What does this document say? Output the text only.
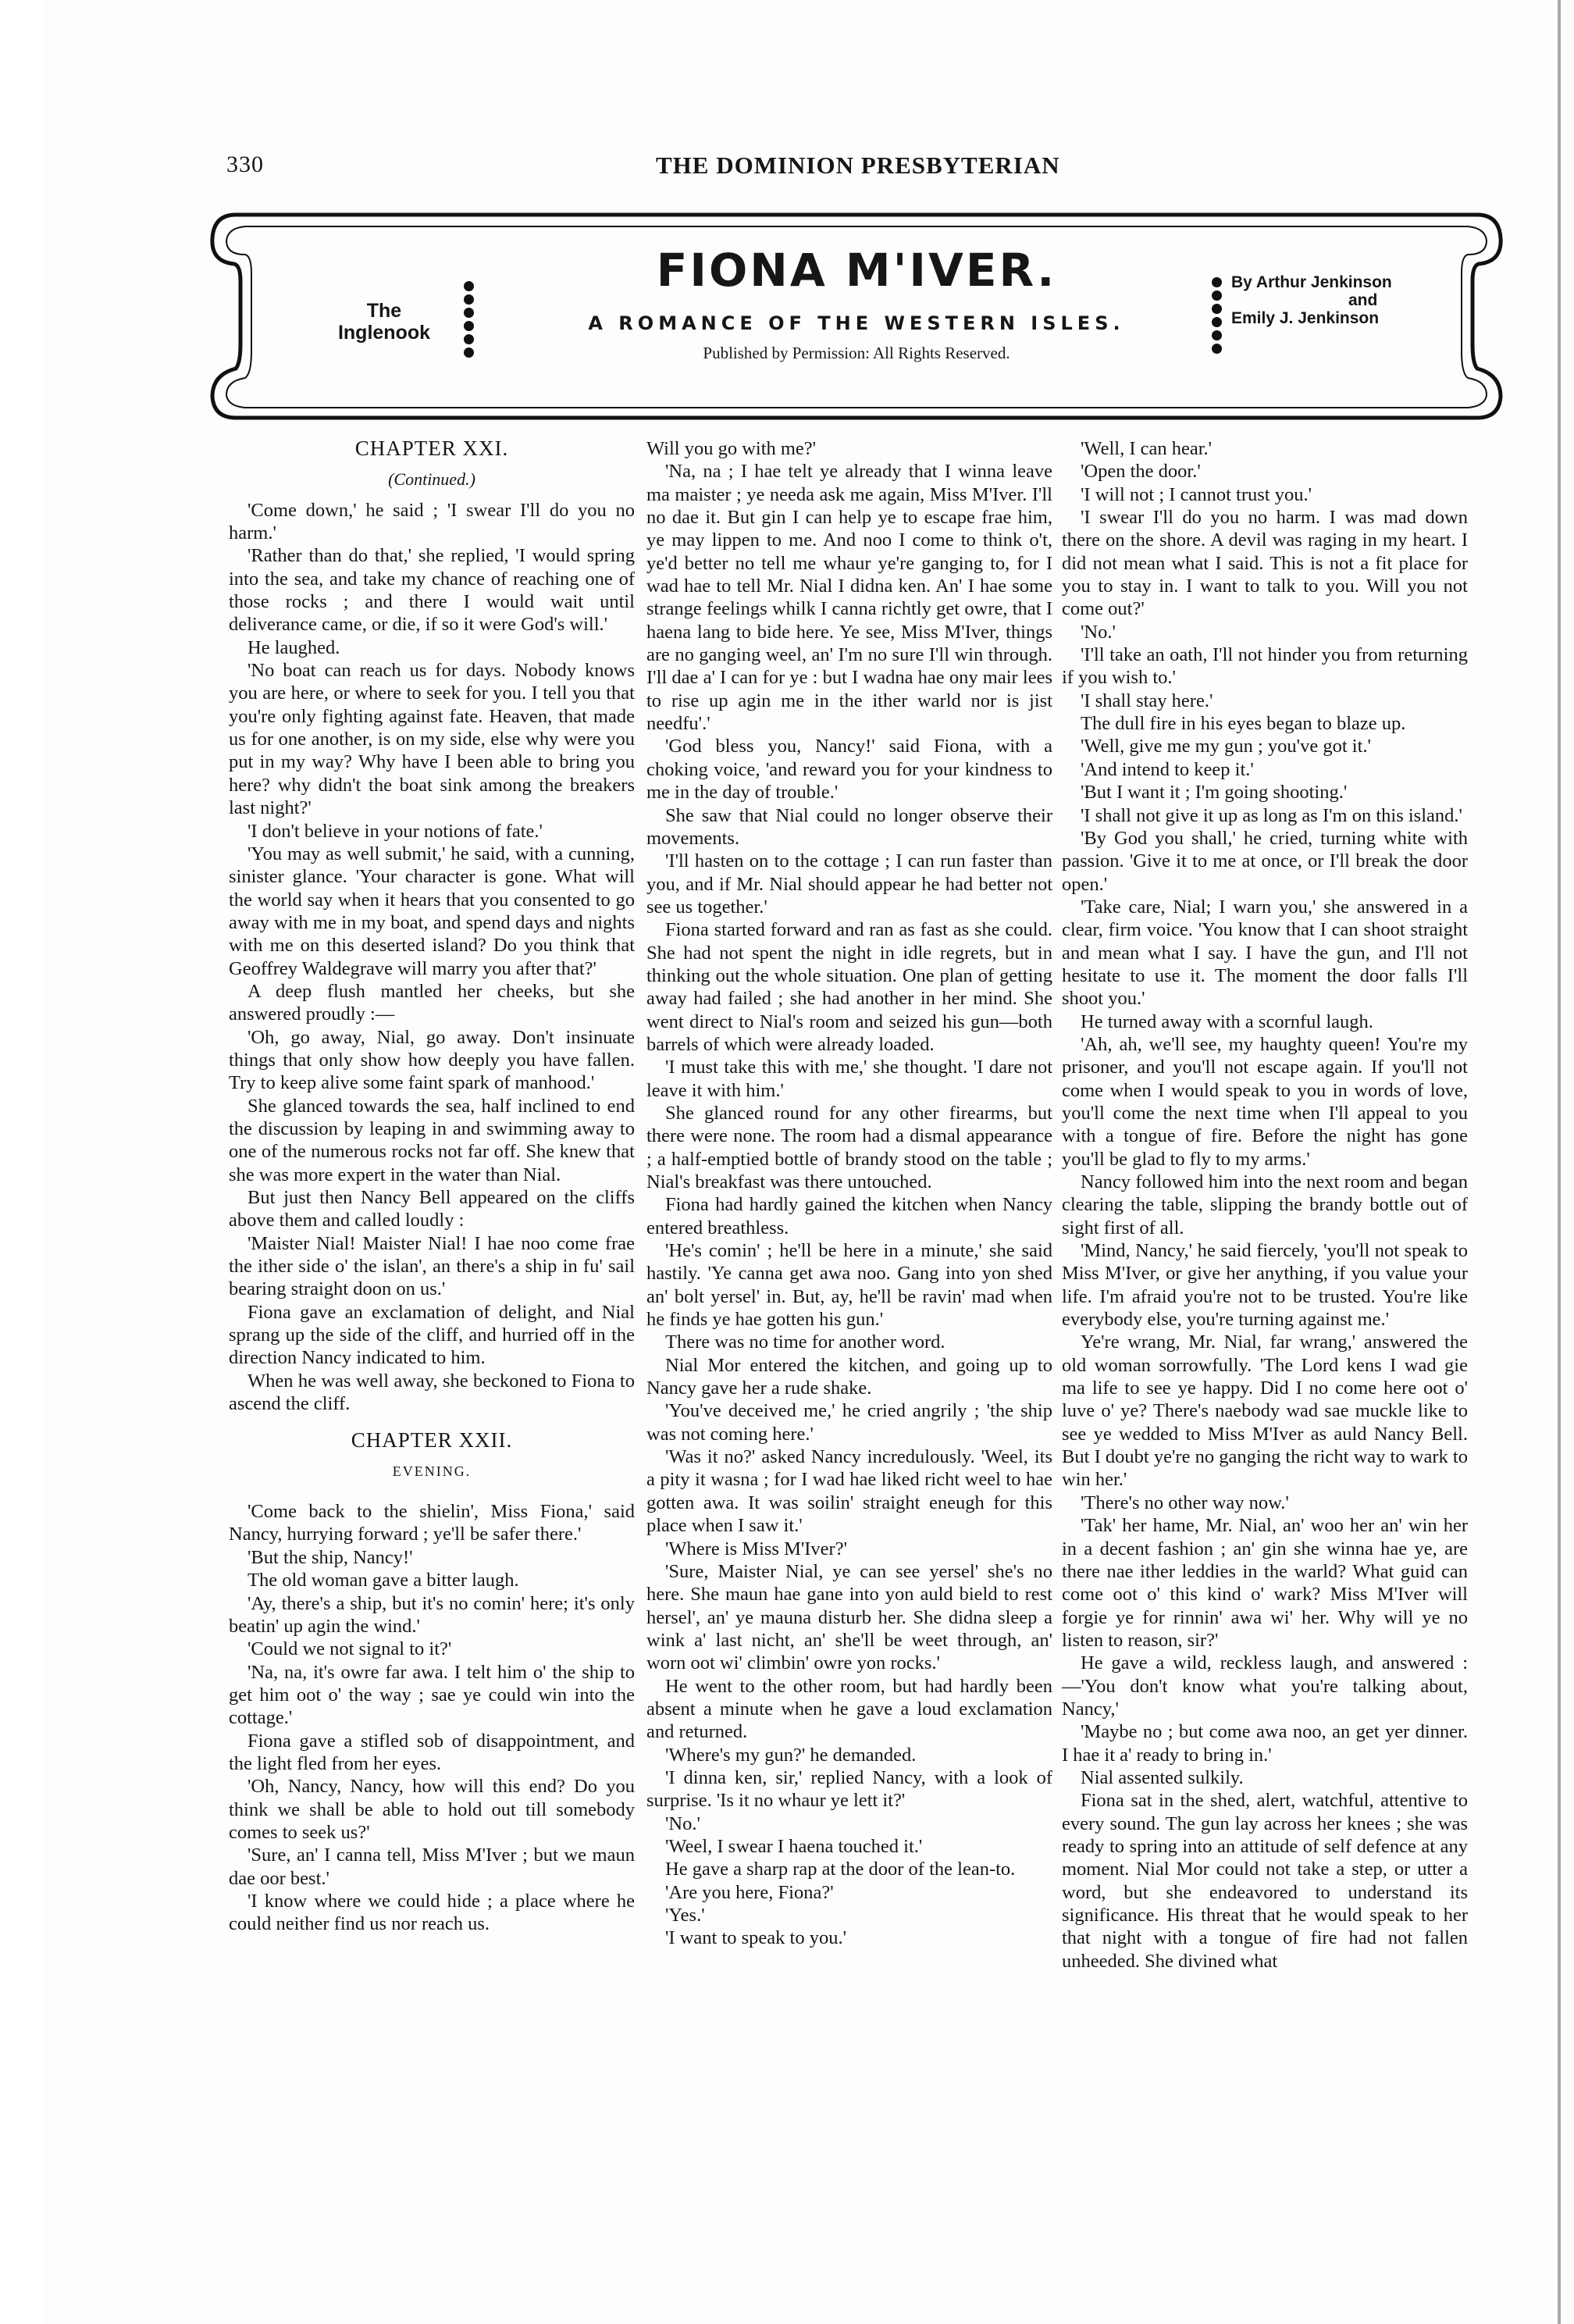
330	THE DOMINION PRESBYTERIAN
The
Inglenook
FIONA M'IVER.
A ROMANCE OF THE WESTERN ISLES.
Published by Permission: All Rights Reserved.
By Arthur Jenkinson
and
Emily J. Jenkinson

CHAPTER XXI.

(Continued.)

'Come down,' he said ; 'I swear I'll do you no harm.'

'Rather than do that,' she replied, 'I would spring into the sea, and take my chance of reaching one of those rocks ; and there I would wait until deliverance came, or die, if so it were God's will.'

He laughed.

'No boat can reach us for days. Nobody knows you are here, or where to seek for you. I tell you that you're only fighting against fate. Heaven, that made us for one another, is on my side, else why were you put in my way? Why have I been able to bring you here? why didn't the boat sink among the breakers last night?'

'I don't believe in your notions of fate.'

'You may as well submit,' he said, with a cunning, sinister glance. 'Your character is gone. What will the world say when it hears that you consented to go away with me in my boat, and spend days and nights with me on this deserted island? Do you think that Geoffrey Waldegrave will marry you after that?'

A deep flush mantled her cheeks, but she answered proudly :—

'Oh, go away, Nial, go away. Don't insinuate things that only show how deeply you have fallen. Try to keep alive some faint spark of manhood.'

She glanced towards the sea, half inclined to end the discussion by leaping in and swimming away to one of the numerous rocks not far off. She knew that she was more expert in the water than Nial.

But just then Nancy Bell appeared on the cliffs above them and called loudly :

'Maister Nial! Maister Nial! I hae noo come frae the ither side o' the islan', an there's a ship in fu' sail bearing straight doon on us.'

Fiona gave an exclamation of delight, and Nial sprang up the side of the cliff, and hurried off in the direction Nancy indicated to him.

When he was well away, she beckoned to Fiona to ascend the cliff.

CHAPTER XXII.

EVENING.

'Come back to the shielin', Miss Fiona,' said Nancy, hurrying forward ; ye'll be safer there.'

'But the ship, Nancy!'

The old woman gave a bitter laugh.

'Ay, there's a ship, but it's no comin' here; it's only beatin' up agin the wind.'

'Could we not signal to it?'

'Na, na, it's owre far awa. I telt him o' the ship to get him oot o' the way ; sae ye could win into the cottage.'

Fiona gave a stifled sob of disappointment, and the light fled from her eyes.

'Oh, Nancy, Nancy, how will this end? Do you think we shall be able to hold out till somebody comes to seek us?'

'Sure, an' I canna tell, Miss M'Iver ; but we maun dae oor best.'

'I know where we could hide ; a place where he could neither find us nor reach us.

Will you go with me?'

'Na, na ; I hae telt ye already that I winna leave ma maister ; ye needa ask me again, Miss M'Iver. I'll no dae it. But gin I can help ye to escape frae him, ye may lippen to me. And noo I come to think o't, ye'd better no tell me whaur ye're ganging to, for I wad hae to tell Mr. Nial I didna ken. An' I hae some strange feelings whilk I canna richtly get owre, that I haena lang to bide here. Ye see, Miss M'Iver, things are no ganging weel, an' I'm no sure I'll win through. I'll dae a' I can for ye : but I wadna hae ony mair lees to rise up agin me in the ither warld nor is jist needfu'.'

'God bless you, Nancy!' said Fiona, with a choking voice, 'and reward you for your kindness to me in the day of trouble.'

She saw that Nial could no longer observe their movements.

'I'll hasten on to the cottage ; I can run faster than you, and if Mr. Nial should appear he had better not see us together.'

Fiona started forward and ran as fast as she could. She had not spent the night in idle regrets, but in thinking out the whole situation. One plan of getting away had failed ; she had another in her mind. She went direct to Nial's room and seized his gun—both barrels of which were already loaded.

'I must take this with me,' she thought. 'I dare not leave it with him.'

She glanced round for any other firearms, but there were none. The room had a dismal appearance ; a half-emptied bottle of brandy stood on the table ; Nial's breakfast was there untouched.

Fiona had hardly gained the kitchen when Nancy entered breathless.

'He's comin' ; he'll be here in a minute,' she said hastily. 'Ye canna get awa noo. Gang into yon shed an' bolt yersel' in. But, ay, he'll be ravin' mad when he finds ye hae gotten his gun.'

There was no time for another word.

Nial Mor entered the kitchen, and going up to Nancy gave her a rude shake.

'You've deceived me,' he cried angrily ; 'the ship was not coming here.'

'Was it no?' asked Nancy incredulously. 'Weel, its a pity it wasna ; for I wad hae liked richt weel to hae gotten awa. It was soilin' straight eneugh for this place when I saw it.'

'Where is Miss M'Iver?'

'Sure, Maister Nial, ye can see yersel' she's no here. She maun hae gane into yon auld bield to rest hersel', an' ye mauna disturb her. She didna sleep a wink a' last nicht, an' she'll be weet through, an' worn oot wi' climbin' owre yon rocks.'

He went to the other room, but had hardly been absent a minute when he gave a loud exclamation and returned.

'Where's my gun?' he demanded.

'I dinna ken, sir,' replied Nancy, with a look of surprise. 'Is it no whaur ye lett it?'

'No.'

'Weel, I swear I haena touched it.'

He gave a sharp rap at the door of the lean-to.

'Are you here, Fiona?'

'Yes.'

'I want to speak to you.'

'Well, I can hear.'

'Open the door.'

'I will not ; I cannot trust you.'

'I swear I'll do you no harm. I was mad down there on the shore. A devil was raging in my heart. I did not mean what I said. This is not a fit place for you to stay in. I want to talk to you. Will you not come out?'

'No.'

'I'll take an oath, I'll not hinder you from returning if you wish to.'

'I shall stay here.'

The dull fire in his eyes began to blaze up.

'Well, give me my gun ; you've got it.'

'And intend to keep it.'

'But I want it ; I'm going shooting.'

'I shall not give it up as long as I'm on this island.'

'By God you shall,' he cried, turning white with passion. 'Give it to me at once, or I'll break the door open.'

'Take care, Nial; I warn you,' she answered in a clear, firm voice. 'You know that I can shoot straight and mean what I say. I have the gun, and I'll not hesitate to use it. The moment the door falls I'll shoot you.'

He turned away with a scornful laugh.

'Ah, ah, we'll see, my haughty queen! You're my prisoner, and you'll not escape again. If you'll not come when I would speak to you in words of love, you'll come the next time when I'll appeal to you with a tongue of fire. Before the night has gone you'll be glad to fly to my arms.'

Nancy followed him into the next room and began clearing the table, slipping the brandy bottle out of sight first of all.

'Mind, Nancy,' he said fiercely, 'you'll not speak to Miss M'Iver, or give her anything, if you value your life. I'm afraid you're not to be trusted. You're like everybody else, you're turning against me.'

Ye're wrang, Mr. Nial, far wrang,' answered the old woman sorrowfully. 'The Lord kens I wad gie ma life to see ye happy. Did I no come here oot o' luve o' ye? There's naebody wad sae muckle like to see ye wedded to Miss M'Iver as auld Nancy Bell. But I doubt ye're no ganging the richt way to wark to win her.'

'There's no other way now.'

'Tak' her hame, Mr. Nial, an' woo her an' win her in a decent fashion ; an' gin she winna hae ye, are there nae ither leddies in the warld? What guid can come oot o' this kind o' wark? Miss M'Iver will forgie ye for rinnin' awa wi' her. Why will ye no listen to reason, sir?'

He gave a wild, reckless laugh, and answered :—'You don't know what you're talking about, Nancy,'

'Maybe no ; but come awa noo, an get yer dinner. I hae it a' ready to bring in.'

Nial assented sulkily.

Fiona sat in the shed, alert, watchful, attentive to every sound. The gun lay across her knees ; she was ready to spring into an attitude of self defence at any moment. Nial Mor could not take a step, or utter a word, but she endeavored to understand its significance. His threat that he would speak to her that night with a tongue of fire had not fallen unheeded. She divined what
